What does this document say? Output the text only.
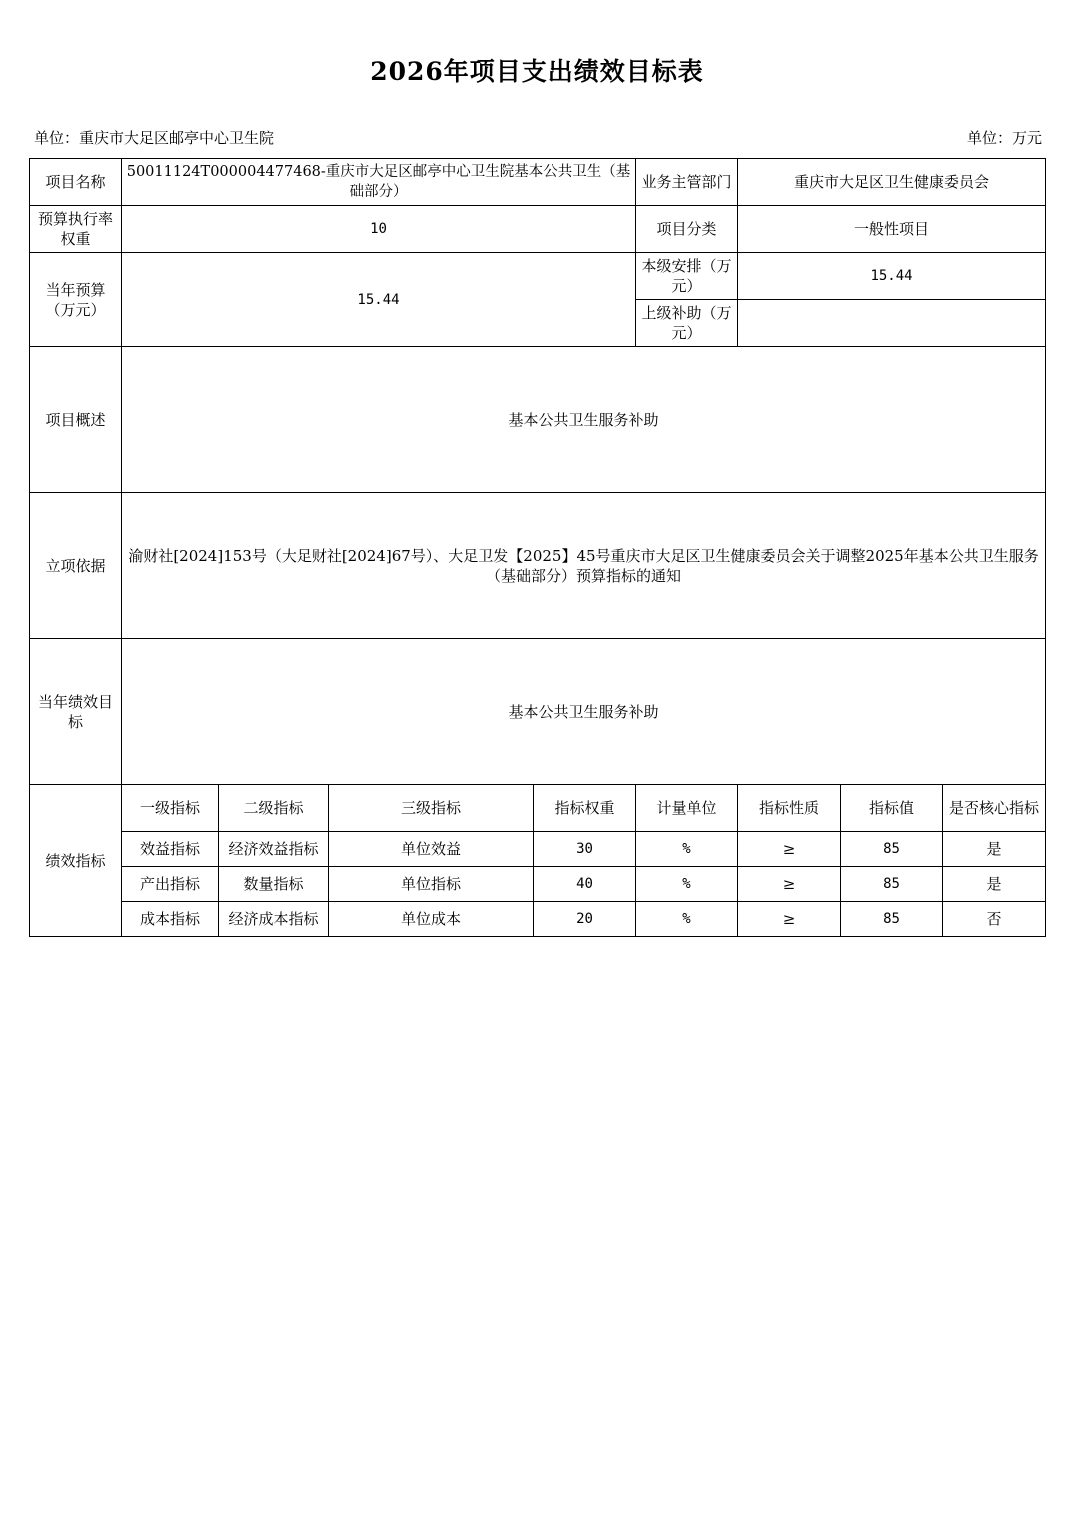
2026年项目支出绩效目标表
单位：重庆市大足区邮亭中心卫生院	单位：万元
项目名称	50011124T000004477468-重庆市大足区邮亭中心卫生院基本公共卫生（基础部分）				业务主管部门	重庆市大足区卫生健康委员会		
预算执行率权重	10				项目分类	一般性项目		
当年预算（万元）	15.44				本级安排（万元）	15.44		
					上级补助（万元）			
项目概述	基本公共卫生服务补助							
立项依据	渝财社[2024]153号（大足财社[2024]67号）、大足卫发【2025】45号重庆市大足区卫生健康委员会关于调整2025年基本公共卫生服务（基础部分）预算指标的通知							
当年绩效目标	基本公共卫生服务补助							
绩效指标	一级指标	二级指标	三级指标	指标权重	计量单位	指标性质	指标值	是否核心指标
	效益指标	经济效益指标	单位效益	30	%	≥	85	是
	产出指标	数量指标	单位指标	40	%	≥	85	是
	成本指标	经济成本指标	单位成本	20	%	≥	85	否
